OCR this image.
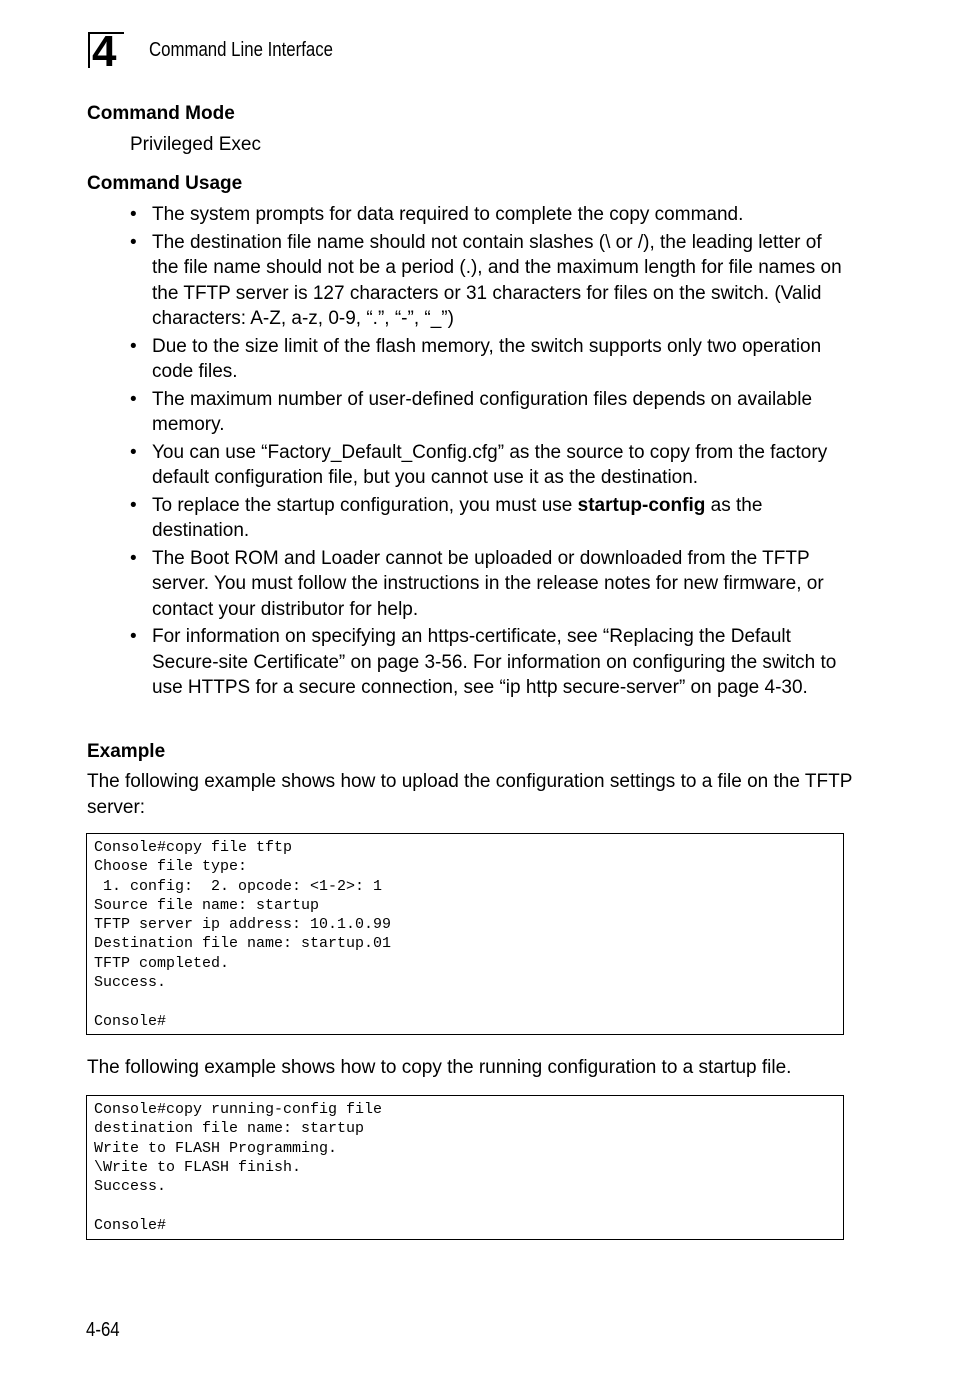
4 Command Line Interface
Command Mode
Privileged Exec
Command Usage
• The system prompts for data required to complete the copy command.
• The destination file name should not contain slashes (\ or /), the leading letter of the file name should not be a period (.), and the maximum length for file names on the TFTP server is 127 characters or 31 characters for files on the switch. (Valid characters: A-Z, a-z, 0-9, “.”, “-”, “_”)
• Due to the size limit of the flash memory, the switch supports only two operation code files.
• The maximum number of user-defined configuration files depends on available memory.
• You can use “Factory_Default_Config.cfg” as the source to copy from the factory default configuration file, but you cannot use it as the destination.
• To replace the startup configuration, you must use startup-config as the destination.
• The Boot ROM and Loader cannot be uploaded or downloaded from the TFTP server. You must follow the instructions in the release notes for new firmware, or contact your distributor for help.
• For information on specifying an https-certificate, see “Replacing the Default Secure-site Certificate” on page 3-56. For information on configuring the switch to use HTTPS for a secure connection, see “ip http secure-server” on page 4-30.
Example
The following example shows how to upload the configuration settings to a file on the TFTP server:
Console#copy file tftp
Choose file type:
1. config:  2. opcode: <1-2>: 1
Source file name: startup
TFTP server ip address: 10.1.0.99
Destination file name: startup.01
TFTP completed.
Success.

Console#
The following example shows how to copy the running configuration to a startup file.
Console#copy running-config file
destination file name: startup
Write to FLASH Programming.
\Write to FLASH finish.
Success.

Console#
4-64
